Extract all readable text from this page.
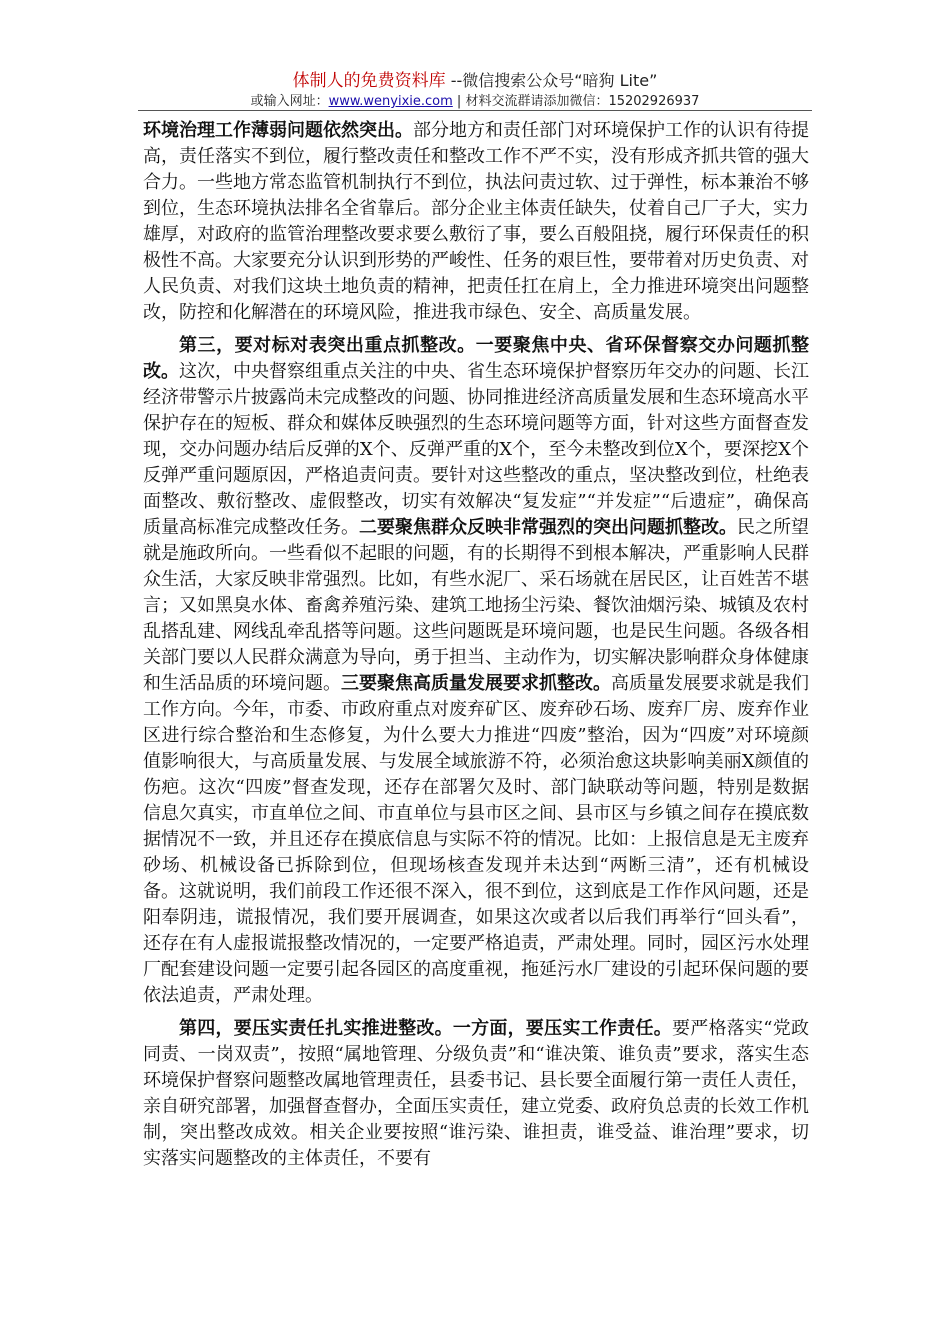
体制人的免费资料库 --微信搜索公众号“暗狗 Lite”
或输入网址：www.wenyixie.com | 材料交流群请添加微信：15202926937

环境治理工作薄弱问题依然突出。部分地方和责任部门对环境保护工作的认识有待提高，责任落实不到位，履行整改责任和整改工作不严不实，没有形成齐抓共管的强大合力。一些地方常态监管机制执行不到位，执法问责过软、过于弹性，标本兼治不够到位，生态环境执法排名全省靠后。部分企业主体责任缺失，仗着自己厂子大，实力雄厚，对政府的监管治理整改要求要么敷衍了事，要么百般阻挠，履行环保责任的积极性不高。大家要充分认识到形势的严峻性、任务的艰巨性，要带着对历史负责、对人民负责、对我们这块土地负责的精神，把责任扛在肩上，全力推进环境突出问题整改，防控和化解潜在的环境风险，推进我市绿色、安全、高质量发展。

第三，要对标对表突出重点抓整改。一要聚焦中央、省环保督察交办问题抓整改。这次，中央督察组重点关注的中央、省生态环境保护督察历年交办的问题、长江经济带警示片披露尚未完成整改的问题、协同推进经济高质量发展和生态环境高水平保护存在的短板、群众和媒体反映强烈的生态环境问题等方面，针对这些方面督查发现，交办问题办结后反弹的X个、反弹严重的X个，至今未整改到位X个，要深挖X个反弹严重问题原因，严格追责问责。要针对这些整改的重点，坚决整改到位，杜绝表面整改、敷衍整改、虚假整改，切实有效解决“复发症”“并发症”“后遗症”，确保高质量高标准完成整改任务。二要聚焦群众反映非常强烈的突出问题抓整改。民之所望就是施政所向。一些看似不起眼的问题，有的长期得不到根本解决，严重影响人民群众生活，大家反映非常强烈。比如，有些水泥厂、采石场就在居民区，让百姓苦不堪言；又如黑臭水体、畜禽养殖污染、建筑工地扬尘污染、餐饮油烟污染、城镇及农村乱搭乱建、网线乱牵乱搭等问题。这些问题既是环境问题，也是民生问题。各级各相关部门要以人民群众满意为导向，勇于担当、主动作为，切实解决影响群众身体健康和生活品质的环境问题。三要聚焦高质量发展要求抓整改。高质量发展要求就是我们工作方向。今年，市委、市政府重点对废弃矿区、废弃砂石场、废弃厂房、废弃作业区进行综合整治和生态修复，为什么要大力推进“四废”整治，因为“四废”对环境颜值影响很大，与高质量发展、与发展全域旅游不符，必须治愈这块影响美丽X颜值的伤疤。这次“四废”督查发现，还存在部署欠及时、部门缺联动等问题，特别是数据信息欠真实，市直单位之间、市直单位与县市区之间、县市区与乡镇之间存在摸底数据情况不一致，并且还存在摸底信息与实际不符的情况。比如：上报信息是无主废弃砂场、机械设备已拆除到位，但现场核查发现并未达到“两断三清”，还有机械设备。这就说明，我们前段工作还很不深入，很不到位，这到底是工作作风问题，还是阳奉阴违，谎报情况，我们要开展调查，如果这次或者以后我们再举行“回头看”，还存在有人虚报谎报整改情况的，一定要严格追责，严肃处理。同时，园区污水处理厂配套建设问题一定要引起各园区的高度重视，拖延污水厂建设的引起环保问题的要依法追责，严肃处理。

第四，要压实责任扎实推进整改。一方面，要压实工作责任。要严格落实“党政同责、一岗双责”，按照“属地管理、分级负责”和“谁决策、谁负责”要求，落实生态环境保护督察问题整改属地管理责任，县委书记、县长要全面履行第一责任人责任，亲自研究部署，加强督查督办，全面压实责任，建立党委、政府负总责的长效工作机制，突出整改成效。相关企业要按照“谁污染、谁担责，谁受益、谁治理”要求，切实落实问题整改的主体责任，不要有
